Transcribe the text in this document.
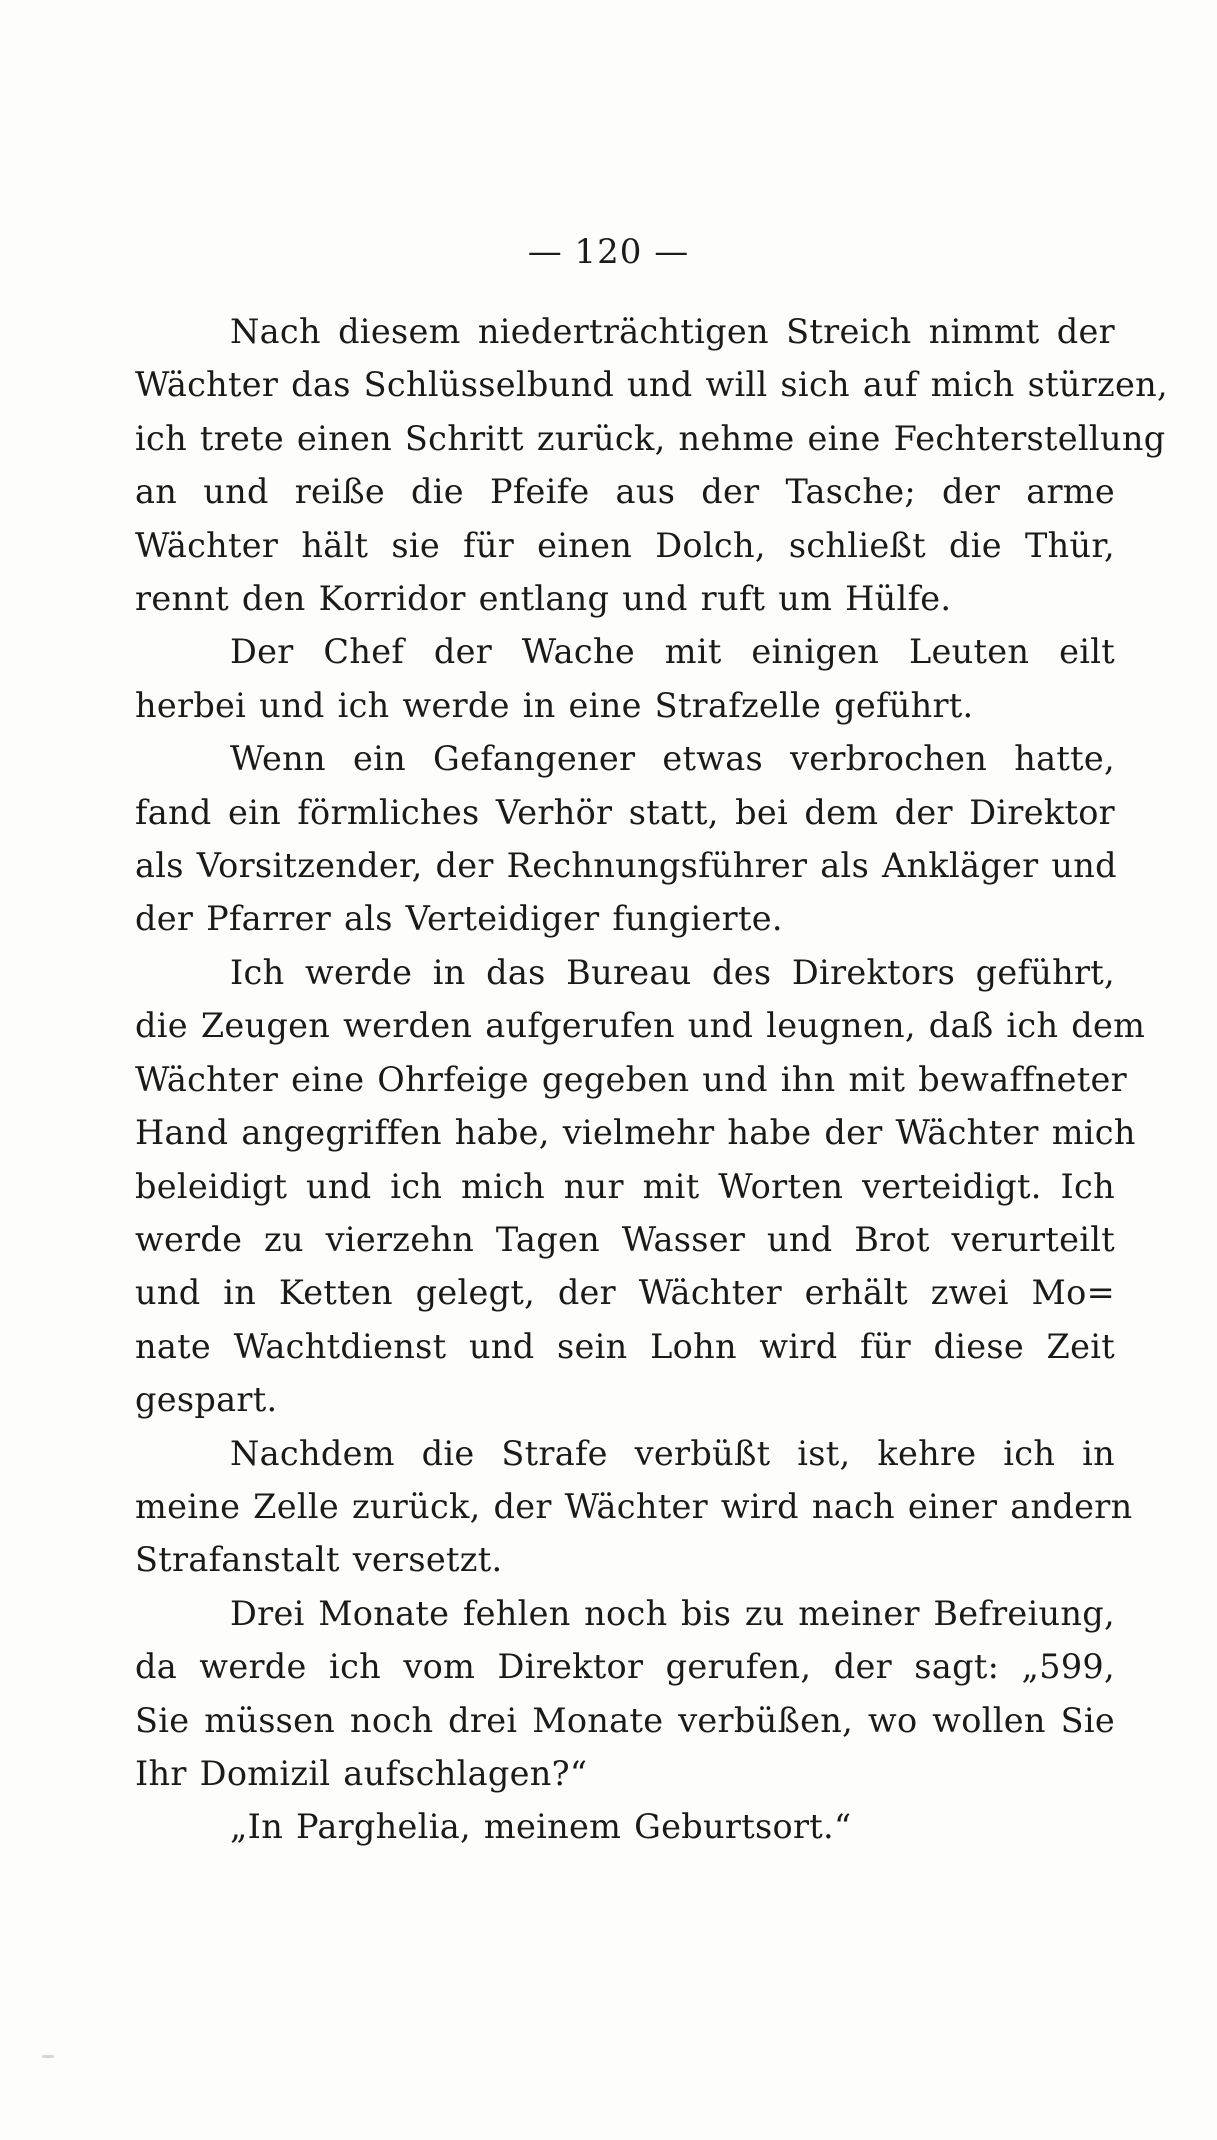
— 120 —
Nach diesem niederträchtigen Streich nimmt der
Wächter das Schlüsselbund und will sich auf mich stürzen,
ich trete einen Schritt zurück, nehme eine Fechterstellung
an und reiße die Pfeife aus der Tasche; der arme
Wächter hält sie für einen Dolch, schließt die Thür,
rennt den Korridor entlang und ruft um Hülfe.
Der Chef der Wache mit einigen Leuten eilt
herbei und ich werde in eine Strafzelle geführt.
Wenn ein Gefangener etwas verbrochen hatte,
fand ein förmliches Verhör statt, bei dem der Direktor
als Vorsitzender, der Rechnungsführer als Ankläger und
der Pfarrer als Verteidiger fungierte.
Ich werde in das Bureau des Direktors geführt,
die Zeugen werden aufgerufen und leugnen, daß ich dem
Wächter eine Ohrfeige gegeben und ihn mit bewaffneter
Hand angegriffen habe, vielmehr habe der Wächter mich
beleidigt und ich mich nur mit Worten verteidigt. Ich
werde zu vierzehn Tagen Wasser und Brot verurteilt
und in Ketten gelegt, der Wächter erhält zwei Mo=
nate Wachtdienst und sein Lohn wird für diese Zeit
gespart.
Nachdem die Strafe verbüßt ist, kehre ich in
meine Zelle zurück, der Wächter wird nach einer andern
Strafanstalt versetzt.
Drei Monate fehlen noch bis zu meiner Befreiung,
da werde ich vom Direktor gerufen, der sagt: „599,
Sie müssen noch drei Monate verbüßen, wo wollen Sie
Ihr Domizil aufschlagen?“
„In Parghelia, meinem Geburtsort.“
